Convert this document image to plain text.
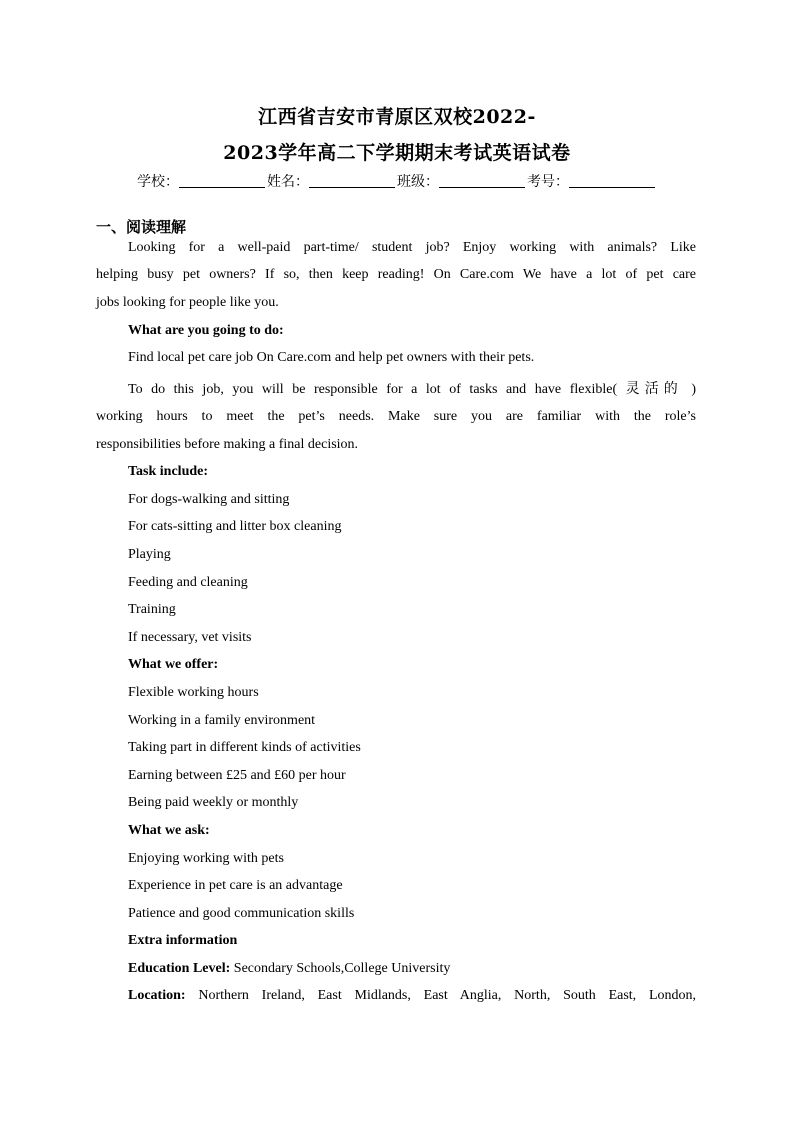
江西省吉安市青原区双校2022-
2023学年高二下学期期末考试英语试卷
学校：	姓名：	班级：	考号：
一、阅读理解
Looking for a well-paid part-time/ student job? Enjoy working with animals? Like
helping busy pet owners? If so, then keep reading! On Care.com We have a lot of pet care
jobs looking for people like you.
What are you going to do:
Find local pet care job On Care.com and help pet owners with their pets.
To do this job, you will be responsible for a lot of tasks and have flexible( 灵活的 )
working hours to meet the pet’s needs. Make sure you are familiar with the role’s
responsibilities before making a final decision.
Task include:
For dogs-walking and sitting
For cats-sitting and litter box cleaning
Playing
Feeding and cleaning
Training
If necessary, vet visits
What we offer:
Flexible working hours
Working in a family environment
Taking part in different kinds of activities
Earning between £25 and £60 per hour
Being paid weekly or monthly
What we ask:
Enjoying working with pets
Experience in pet care is an advantage
Patience and good communication skills
Extra information
Education Level: Secondary Schools,College University
Location: Northern Ireland, East Midlands, East Anglia, North, South East, London,
